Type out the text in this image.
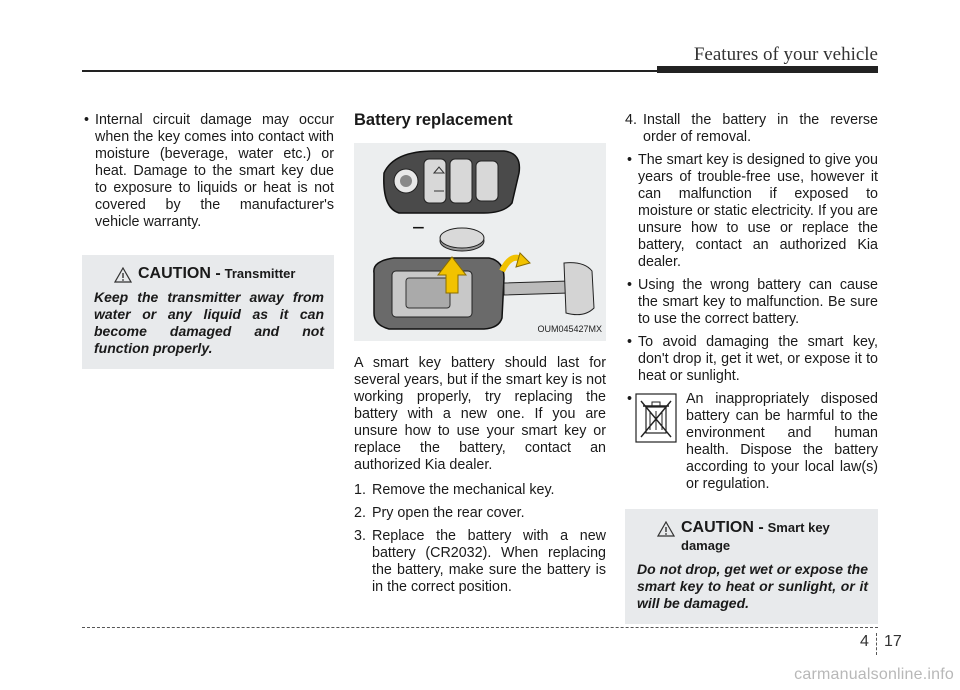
Features of your vehicle

• Internal circuit damage may occur when the key comes into contact with moisture (beverage, water etc.) or heat. Damage to the smart key due to exposure to liquids or heat is not covered by the manufacturer's vehicle warranty.

CAUTION - Transmitter
Keep the transmitter away from water or any liquid as it can become damaged and not function properly.
Battery replacement
−
OUM045427MX

A smart key battery should last for several years, but if the smart key is not working properly, try replacing the battery with a new one. If you are unsure how to use your smart key or replace the battery, contact an authorized Kia dealer.

1. Remove the mechanical key.
2. Pry open the rear cover.
3. Replace the battery with a new battery (CR2032). When replacing the battery, make sure the battery is in the correct position.
4. Install the battery in the reverse order of removal.

• The smart key is designed to give you years of trouble-free use, however it can malfunction if exposed to moisture or static electricity. If you are unsure how to use or replace the battery, contact an authorized Kia dealer.

• Using the wrong battery can cause the smart key to malfunction. Be sure to use the correct battery.

• To avoid damaging the smart key, don't drop it, get it wet, or expose it to heat or sunlight.

• An inappropriately disposed battery can be harmful to the environment and human health. Dispose the battery according to your local law(s) or regulation.
CAUTION - Smart key damage
Do not drop, get wet or expose the smart key to heat or sunlight, or it will be damaged.
4 17
carmanualsonline.info
